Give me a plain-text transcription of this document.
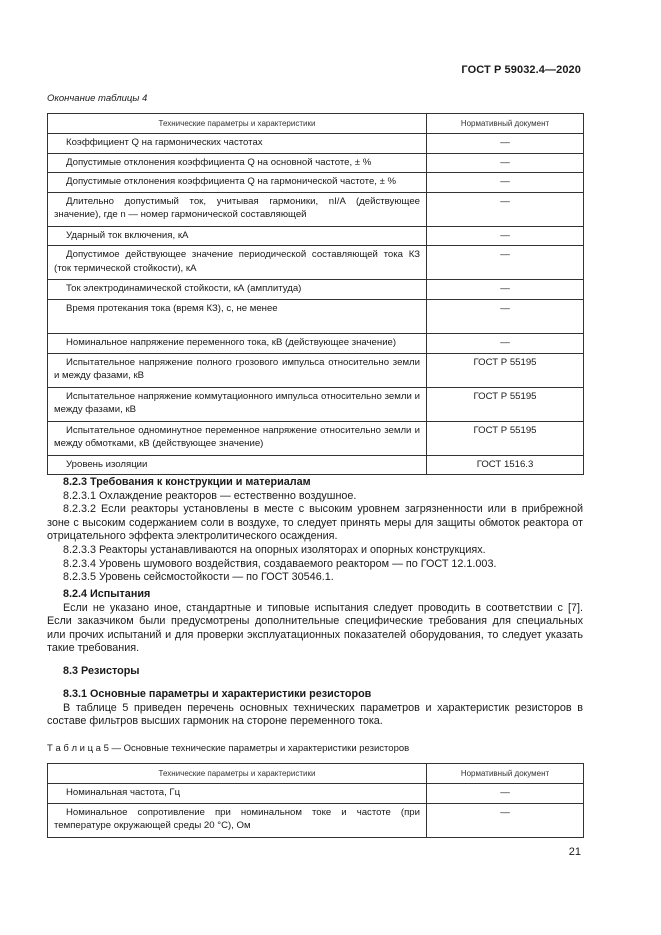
ГОСТ Р 59032.4—2020
Окончание таблицы 4
Технические параметры и характеристики	Нормативный документ

Коэффициент Q на гармонических частотах	—

Допустимые отклонения коэффициента Q на основной частоте, ± %	—

Допустимые отклонения коэффициента Q на гармонической частоте, ± %	—

Длительно допустимый ток, учитывая гармоники, nI/A (действующее значение), где n — номер гармонической составляющей	—

Ударный ток включения, кА	—

Допустимое действующее значение периодической составляющей тока КЗ (ток термической стойкости), кА	—

Ток электродинамической стойкости, кА (амплитуда)	—

Время протекания тока (время КЗ), с, не менее	—

Номинальное напряжение переменного тока, кВ (действующее значение)	—

Испытательное напряжение полного грозового импульса относительно земли и между фазами, кВ	ГОСТ Р 55195

Испытательное напряжение коммутационного импульса относительно земли и между фазами, кВ	ГОСТ Р 55195

Испытательное одноминутное переменное напряжение относительно земли и между обмотками, кВ (действующее значение)	ГОСТ Р 55195

Уровень изоляции	ГОСТ 1516.3

8.2.3 Требования к конструкции и материалам

8.2.3.1 Охлаждение реакторов — естественно воздушное.

8.2.3.2 Если реакторы установлены в месте с высоким уровнем загрязненности или в прибрежной зоне с высоким содержанием соли в воздухе, то следует принять меры для защиты обмоток реактора от отрицательного эффекта электролитического осаждения.

8.2.3.3 Реакторы устанавливаются на опорных изоляторах и опорных конструкциях.

8.2.3.4 Уровень шумового воздействия, создаваемого реактором — по ГОСТ 12.1.003.

8.2.3.5 Уровень сейсмостойкости — по ГОСТ 30546.1.

8.2.4 Испытания

Если не указано иное, стандартные и типовые испытания следует проводить в соответствии с [7]. Если заказчиком были предусмотрены дополнительные специфические требования для специальных или прочих испытаний и для проверки эксплуатационных показателей оборудования, то следует указать такие требования.

8.3 Резисторы

8.3.1 Основные параметры и характеристики резисторов

В таблице 5 приведен перечень основных технических параметров и характеристик резисторов в составе фильтров высших гармоник на стороне переменного тока.

Т а б л и ц а 5 — Основные технические параметры и характеристики резисторов
Технические параметры и характеристики	Нормативный документ

Номинальная частота, Гц	—

Номинальное сопротивление при номинальном токе и частоте (при температуре окружающей среды 20 °С), Ом	—
21
